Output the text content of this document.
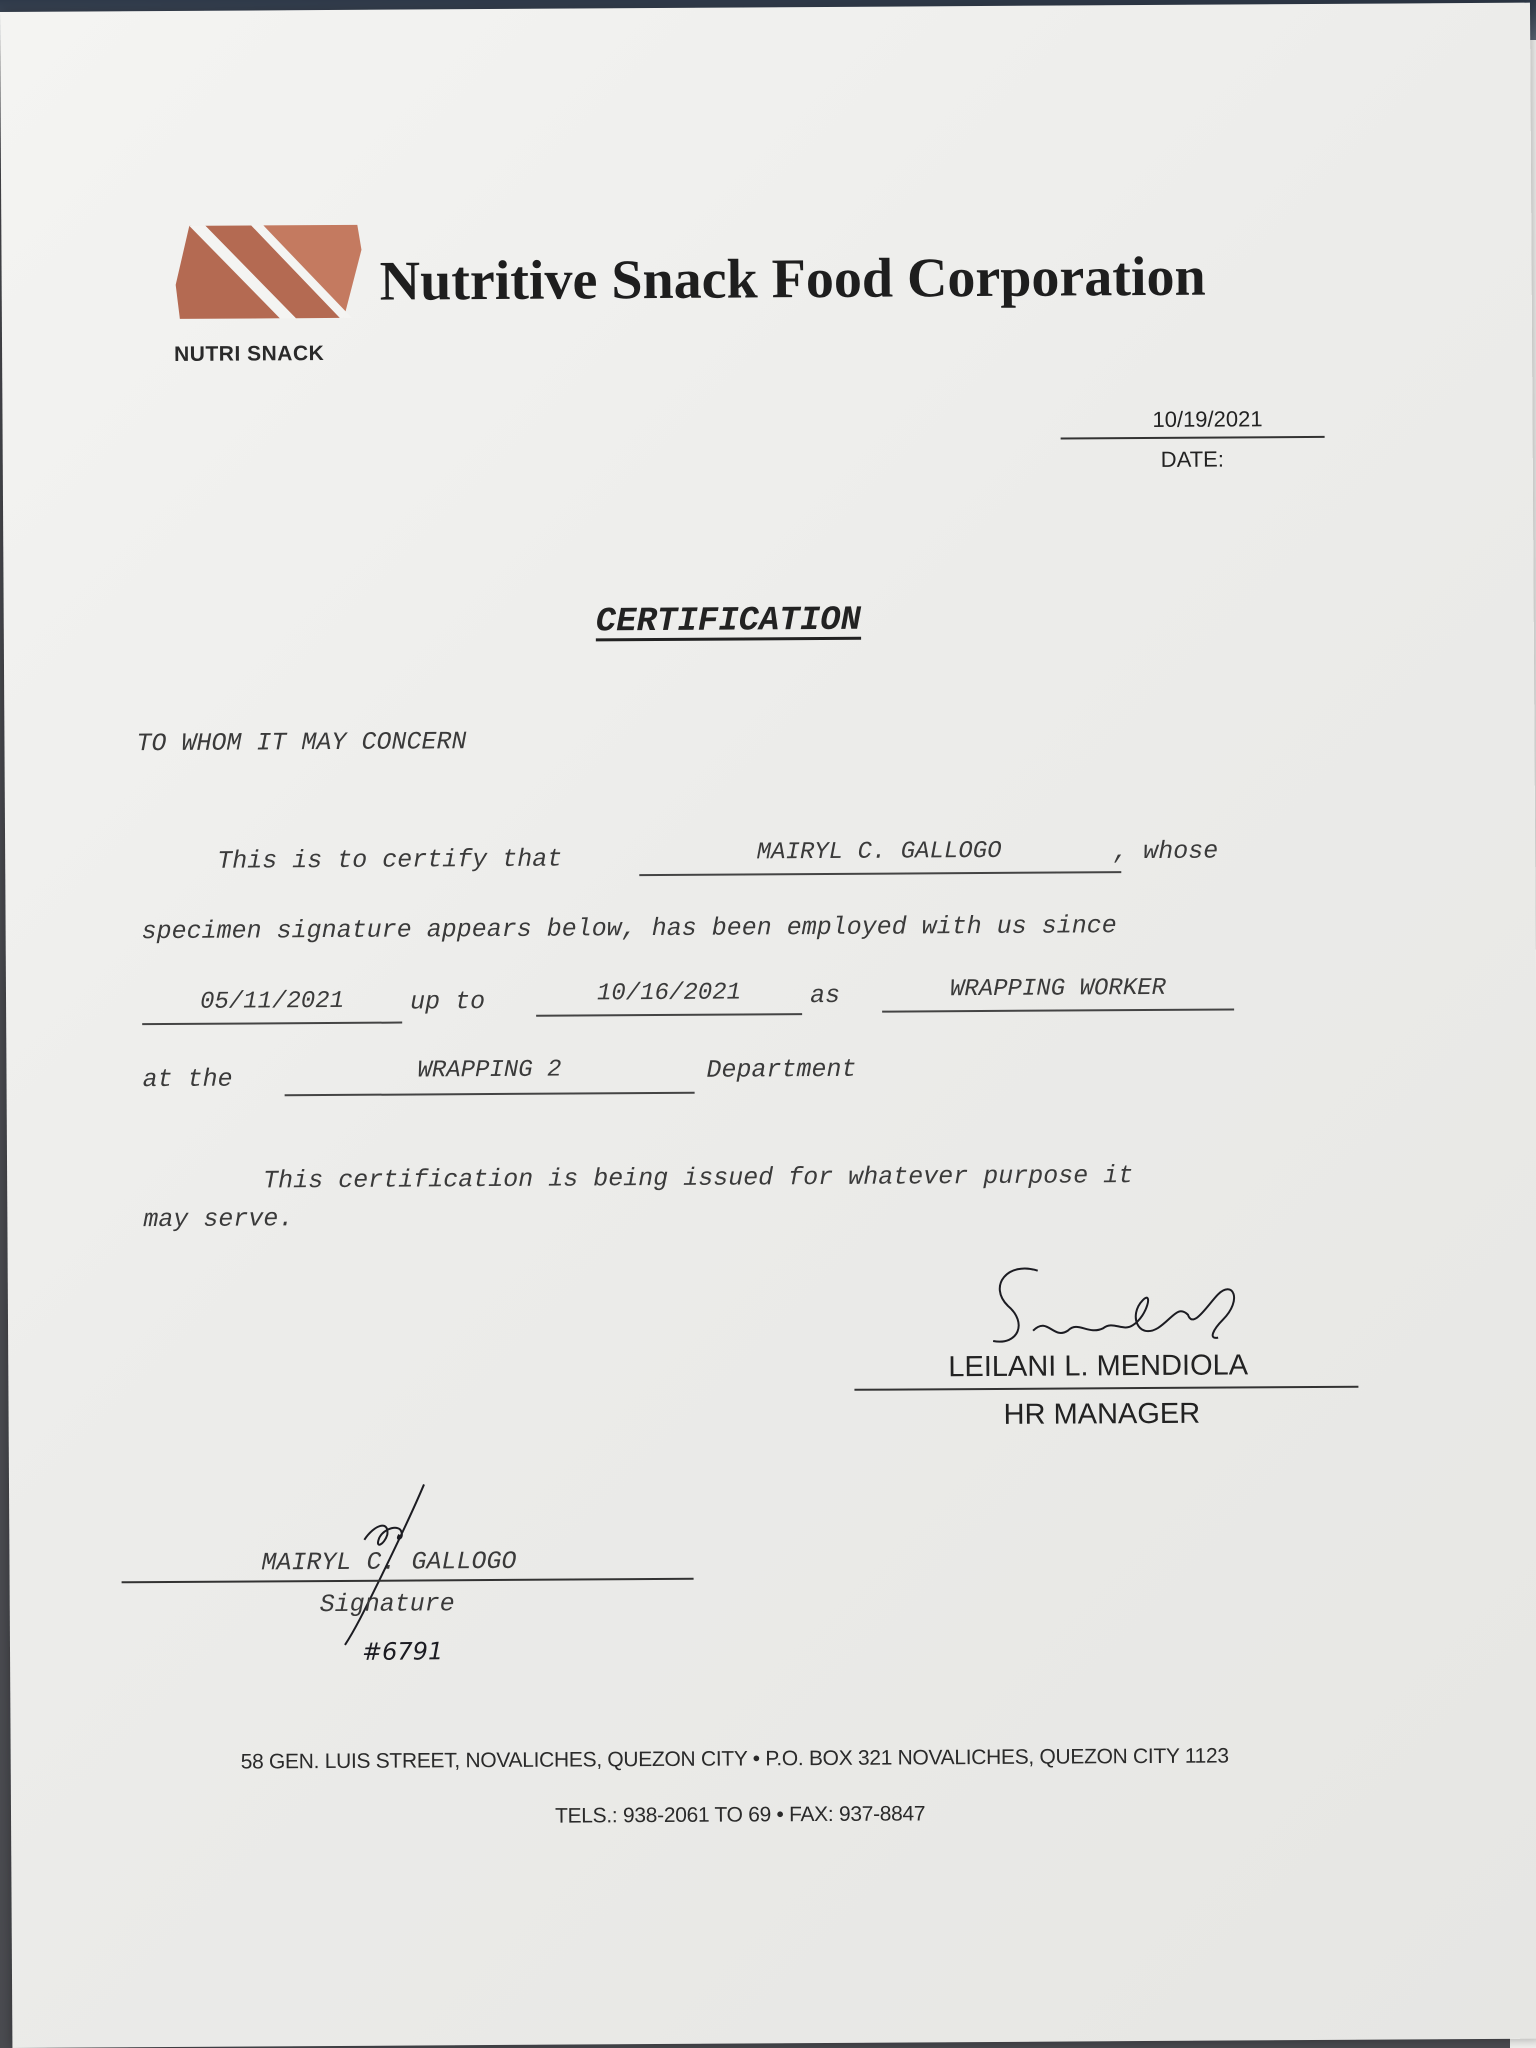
NUTRI SNACK
Nutritive Snack Food Corporation
10/19/2021
DATE:
CERTIFICATION
TO WHOM IT MAY CONCERN
This is to certify that	MAIRYL C. GALLOGO	, whose
specimen signature appears below, has been employed with us since
05/11/2021	up to	10/16/2021	as	WRAPPING WORKER
at the	WRAPPING 2	Department
This certification is being issued for whatever purpose it
may serve.
LEILANI L. MENDIOLA
HR MANAGER
MAIRYL C. GALLOGO
Signature
#6791
58 GEN. LUIS STREET, NOVALICHES, QUEZON CITY • P.O. BOX 321 NOVALICHES, QUEZON CITY 1123
TELS.: 938-2061 TO 69 • FAX: 937-8847
